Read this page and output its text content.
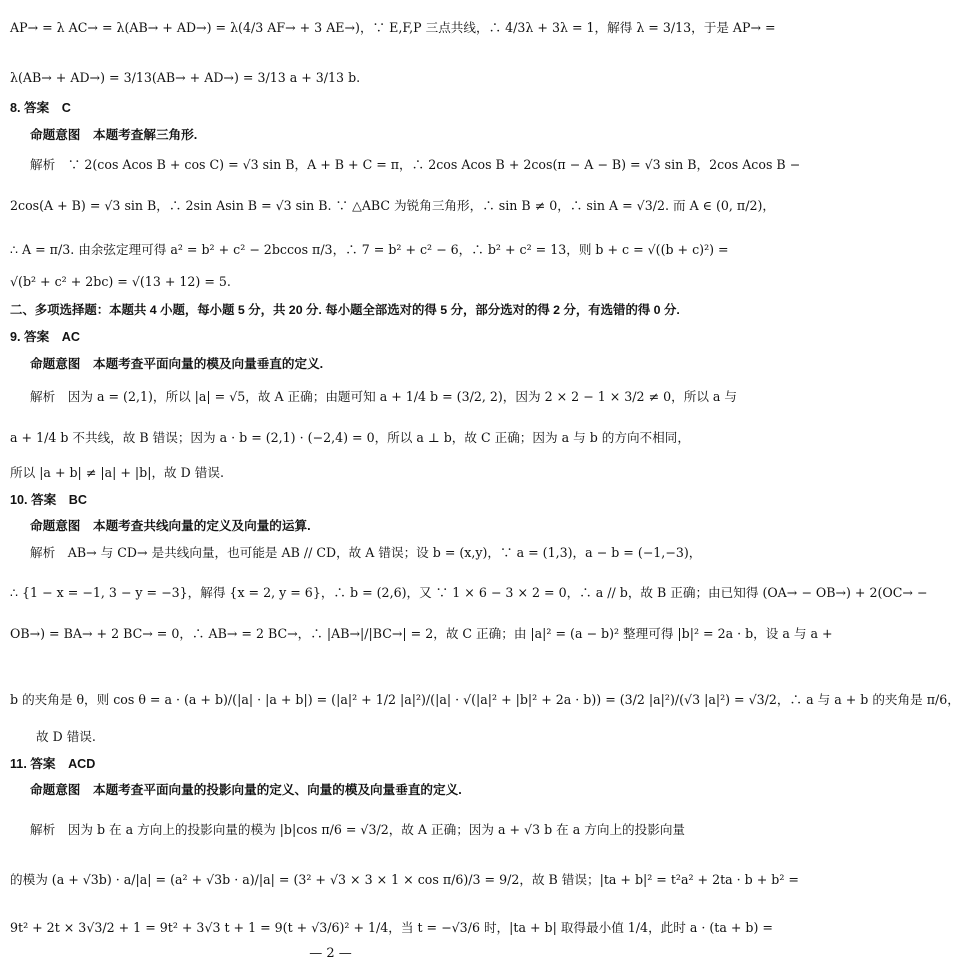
AP→ = λ AC→ = λ(AB→ + AD→) = λ(4/3 AF→ + 3 AE→)，∵ E,F,P 三点共线，∴ 4/3λ + 3λ = 1，解得 λ = 3/13，于是 AP→ =
λ(AB→ + AD→) = 3/13(AB→ + AD→) = 3/13 a + 3/13 b.
8. 答案　C
命题意图　本题考查解三角形.
解析　∵ 2(cos Acos B + cos C) = √3 sin B，A + B + C = π，∴ 2cos Acos B + 2cos(π − A − B) = √3 sin B，2cos Acos B −
2cos(A + B) = √3 sin B，∴ 2sin Asin B = √3 sin B. ∵ △ABC 为锐角三角形，∴ sin B ≠ 0，∴ sin A = √3/2. 而 A ∈ (0, π/2)，
∴ A = π/3. 由余弦定理可得 a² = b² + c² − 2bccos π/3，∴ 7 = b² + c² − 6，∴ b² + c² = 13，则 b + c = √((b + c)²) =
√(b² + c² + 2bc) = √(13 + 12) = 5.
二、多项选择题：本题共 4 小题，每小题 5 分，共 20 分. 每小题全部选对的得 5 分，部分选对的得 2 分，有选错的得 0 分.
9. 答案　AC
命题意图　本题考查平面向量的模及向量垂直的定义.
解析　因为 a = (2,1)，所以 |a| = √5，故 A 正确；由题可知 a + 1/4 b = (3/2, 2)，因为 2 × 2 − 1 × 3/2 ≠ 0，所以 a 与
a + 1/4 b 不共线，故 B 错误；因为 a · b = (2,1) · (−2,4) = 0，所以 a ⊥ b，故 C 正确；因为 a 与 b 的方向不相同，
所以 |a + b| ≠ |a| + |b|，故 D 错误.
10. 答案　BC
命题意图　本题考查共线向量的定义及向量的运算.
解析　AB→ 与 CD→ 是共线向量，也可能是 AB // CD，故 A 错误；设 b = (x,y)，∵ a = (1,3)，a − b = (−1,−3)，
∴ {1 − x = −1, 3 − y = −3}，解得 {x = 2, y = 6}，∴ b = (2,6)，又 ∵ 1 × 6 − 3 × 2 = 0，∴ a // b，故 B 正确；由已知得 (OA→ − OB→) + 2(OC→ −
OB→) = BA→ + 2 BC→ = 0，∴ AB→ = 2 BC→，∴ |AB→|/|BC→| = 2，故 C 正确；由 |a|² = (a − b)² 整理可得 |b|² = 2a · b，设 a 与 a +
b 的夹角是 θ，则 cos θ = a · (a + b)/(|a| · |a + b|) = (|a|² + 1/2 |a|²)/(|a| · √(|a|² + |b|² + 2a · b)) = (3/2 |a|²)/(√3 |a|²) = √3/2，∴ a 与 a + b 的夹角是 π/6，
故 D 错误.
11. 答案　ACD
命题意图　本题考查平面向量的投影向量的定义、向量的模及向量垂直的定义.
解析　因为 b 在 a 方向上的投影向量的模为 |b|cos π/6 = √3/2，故 A 正确；因为 a + √3 b 在 a 方向上的投影向量
的模为 (a + √3b) · a/|a| = (a² + √3b · a)/|a| = (3² + √3 × 3 × 1 × cos π/6)/3 = 9/2，故 B 错误；|ta + b|² = t²a² + 2ta · b + b² =
9t² + 2t × 3√3/2 + 1 = 9t² + 3√3 t + 1 = 9(t + √3/6)² + 1/4，当 t = −√3/6 时，|ta + b| 取得最小值 1/4，此时 a · (ta + b) =
— 2 —
